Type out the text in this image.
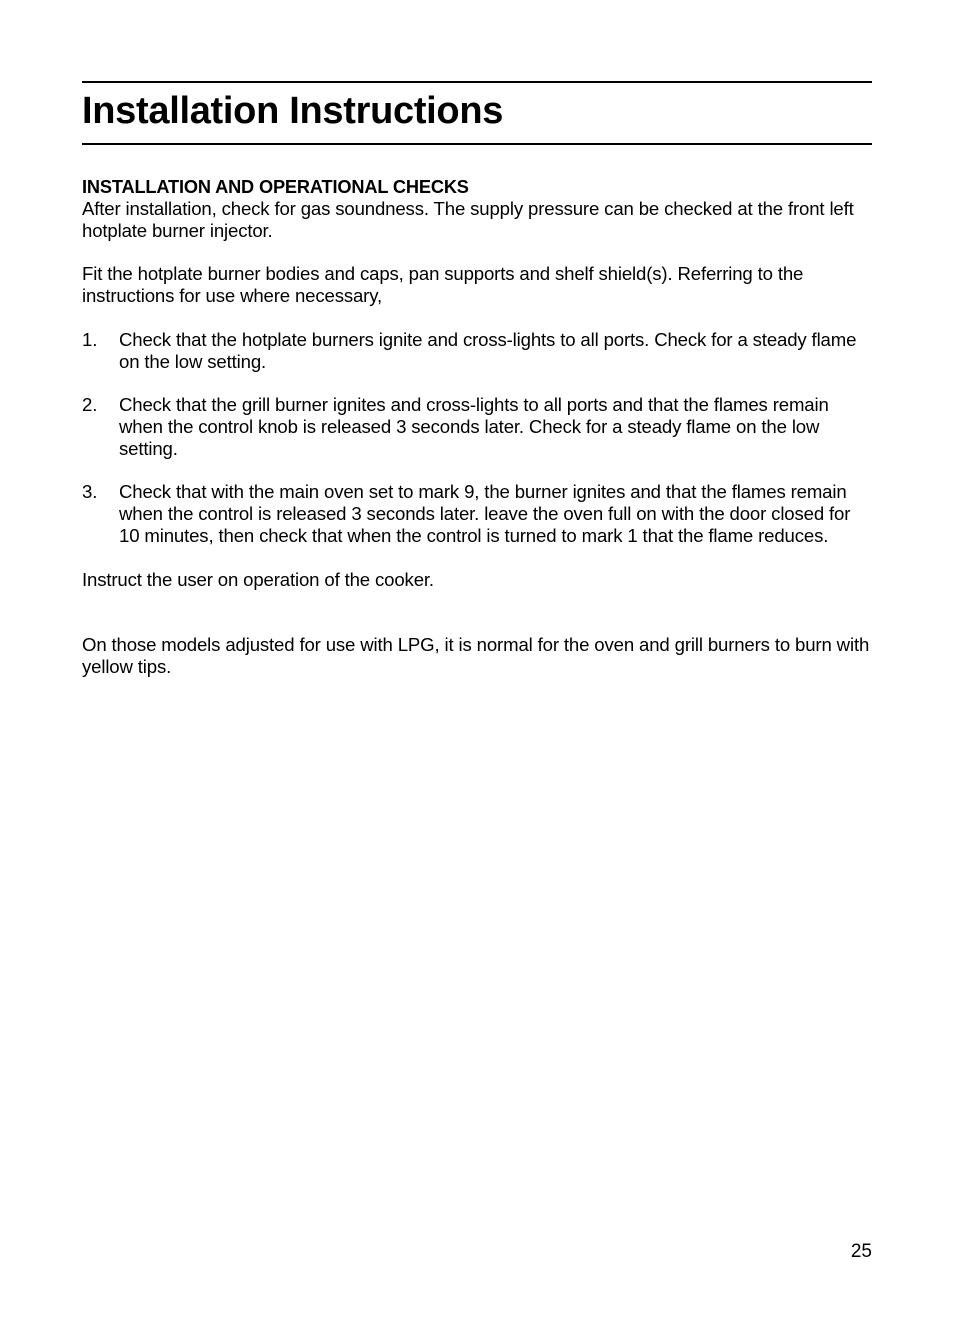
Installation Instructions
INSTALLATION AND OPERATIONAL CHECKS

After installation, check for gas soundness. The supply pressure can be checked at the front left hotplate burner injector.

Fit the hotplate burner bodies and caps, pan supports and shelf shield(s). Referring to the instructions for use where necessary,

1. Check that the hotplate burners ignite and cross-lights to all ports. Check for a steady flame on the low setting.
2. Check that the grill burner ignites and cross-lights to all ports and that the flames remain when the control knob is released 3 seconds later. Check for a steady flame on the low setting.
3. Check that with the main oven set to mark 9, the burner ignites and that the flames remain when the control is released 3 seconds later. leave the oven full on with the door closed for 10 minutes, then check that when the control is turned to mark 1 that the flame reduces.

Instruct the user on operation of the cooker.

On those models adjusted for use with LPG, it is normal for the oven and grill burners to burn with yellow tips.

25
